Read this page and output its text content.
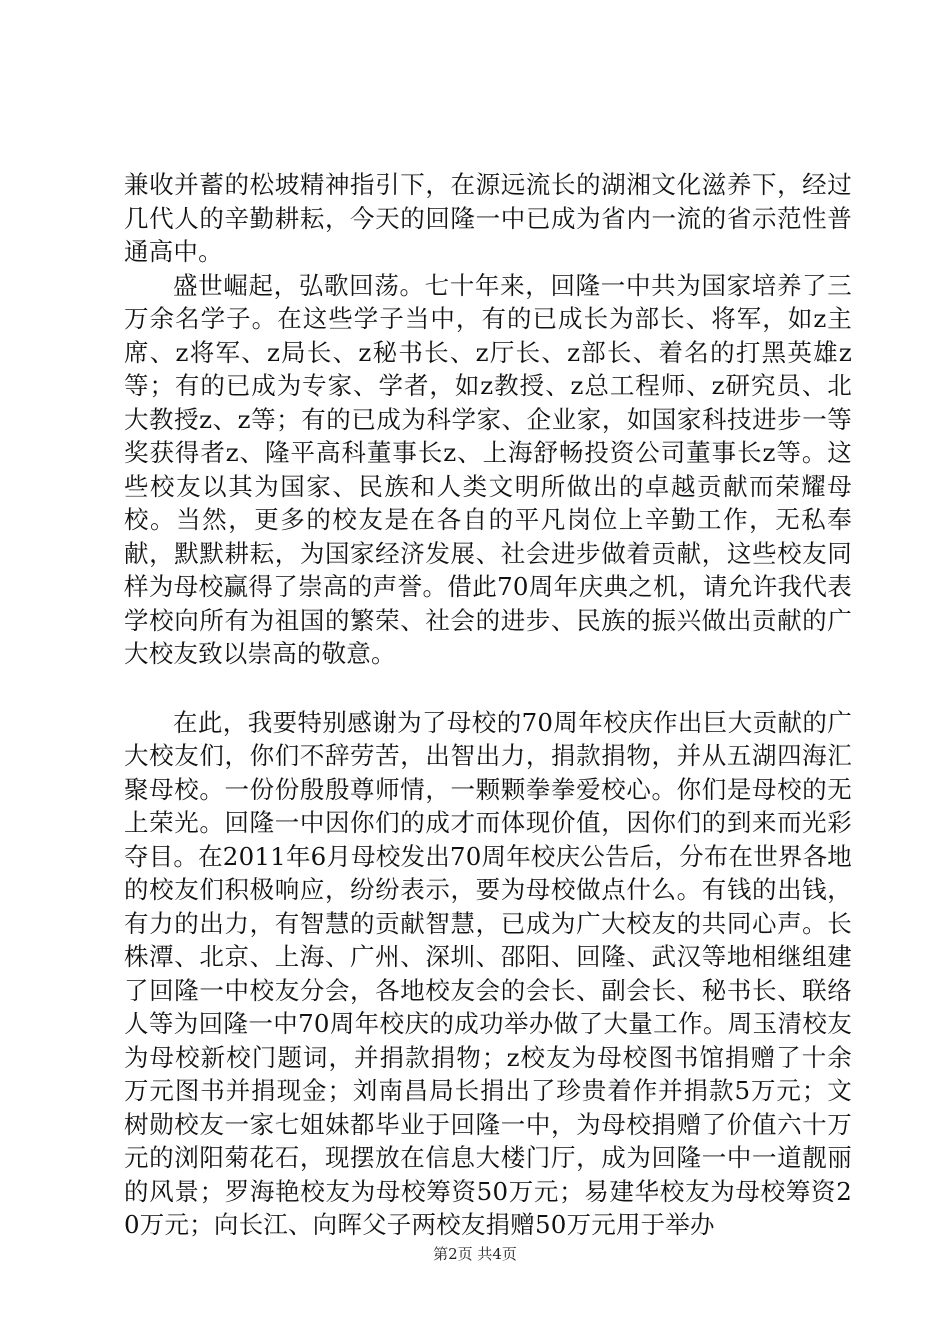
兼收并蓄的松坡精神指引下，在源远流长的湖湘文化滋养下，经过几代人的辛勤耕耘，今天的回隆一中已成为省内一流的省示范性普通高中。

盛世崛起，弘歌回荡。七十年来，回隆一中共为国家培养了三万余名学子。在这些学子当中，有的已成长为部长、将军，如z主席、z将军、z局长、z秘书长、z厅长、z部长、着名的打黑英雄z等；有的已成为专家、学者，如z教授、z总工程师、z研究员、北大教授z、z等；有的已成为科学家、企业家，如国家科技进步一等奖获得者z、隆平高科董事长z、上海舒畅投资公司董事长z等。这些校友以其为国家、民族和人类文明所做出的卓越贡献而荣耀母校。当然，更多的校友是在各自的平凡岗位上辛勤工作，无私奉献，默默耕耘，为国家经济发展、社会进步做着贡献，这些校友同样为母校赢得了崇高的声誉。借此70周年庆典之机，请允许我代表学校向所有为祖国的繁荣、社会的进步、民族的振兴做出贡献的广大校友致以崇高的敬意。

在此，我要特别感谢为了母校的70周年校庆作出巨大贡献的广大校友们，你们不辞劳苦，出智出力，捐款捐物，并从五湖四海汇聚母校。一份份殷殷尊师情，一颗颗拳拳爱校心。你们是母校的无上荣光。回隆一中因你们的成才而体现价值，因你们的到来而光彩夺目。在2011年6月母校发出70周年校庆公告后，分布在世界各地的校友们积极响应，纷纷表示，要为母校做点什么。有钱的出钱，有力的出力，有智慧的贡献智慧，已成为广大校友的共同心声。长株潭、北京、上海、广州、深圳、邵阳、回隆、武汉等地相继组建了回隆一中校友分会，各地校友会的会长、副会长、秘书长、联络人等为回隆一中70周年校庆的成功举办做了大量工作。周玉清校友为母校新校门题词，并捐款捐物；z校友为母校图书馆捐赠了十余万元图书并捐现金；刘南昌局长捐出了珍贵着作并捐款5万元；文树勋校友一家七姐妹都毕业于回隆一中，为母校捐赠了价值六十万元的浏阳菊花石，现摆放在信息大楼门厅，成为回隆一中一道靓丽的风景；罗海艳校友为母校筹资50万元；易建华校友为母校筹资20万元；向长江、向晖父子两校友捐赠50万元用于举办

第2页 共4页
